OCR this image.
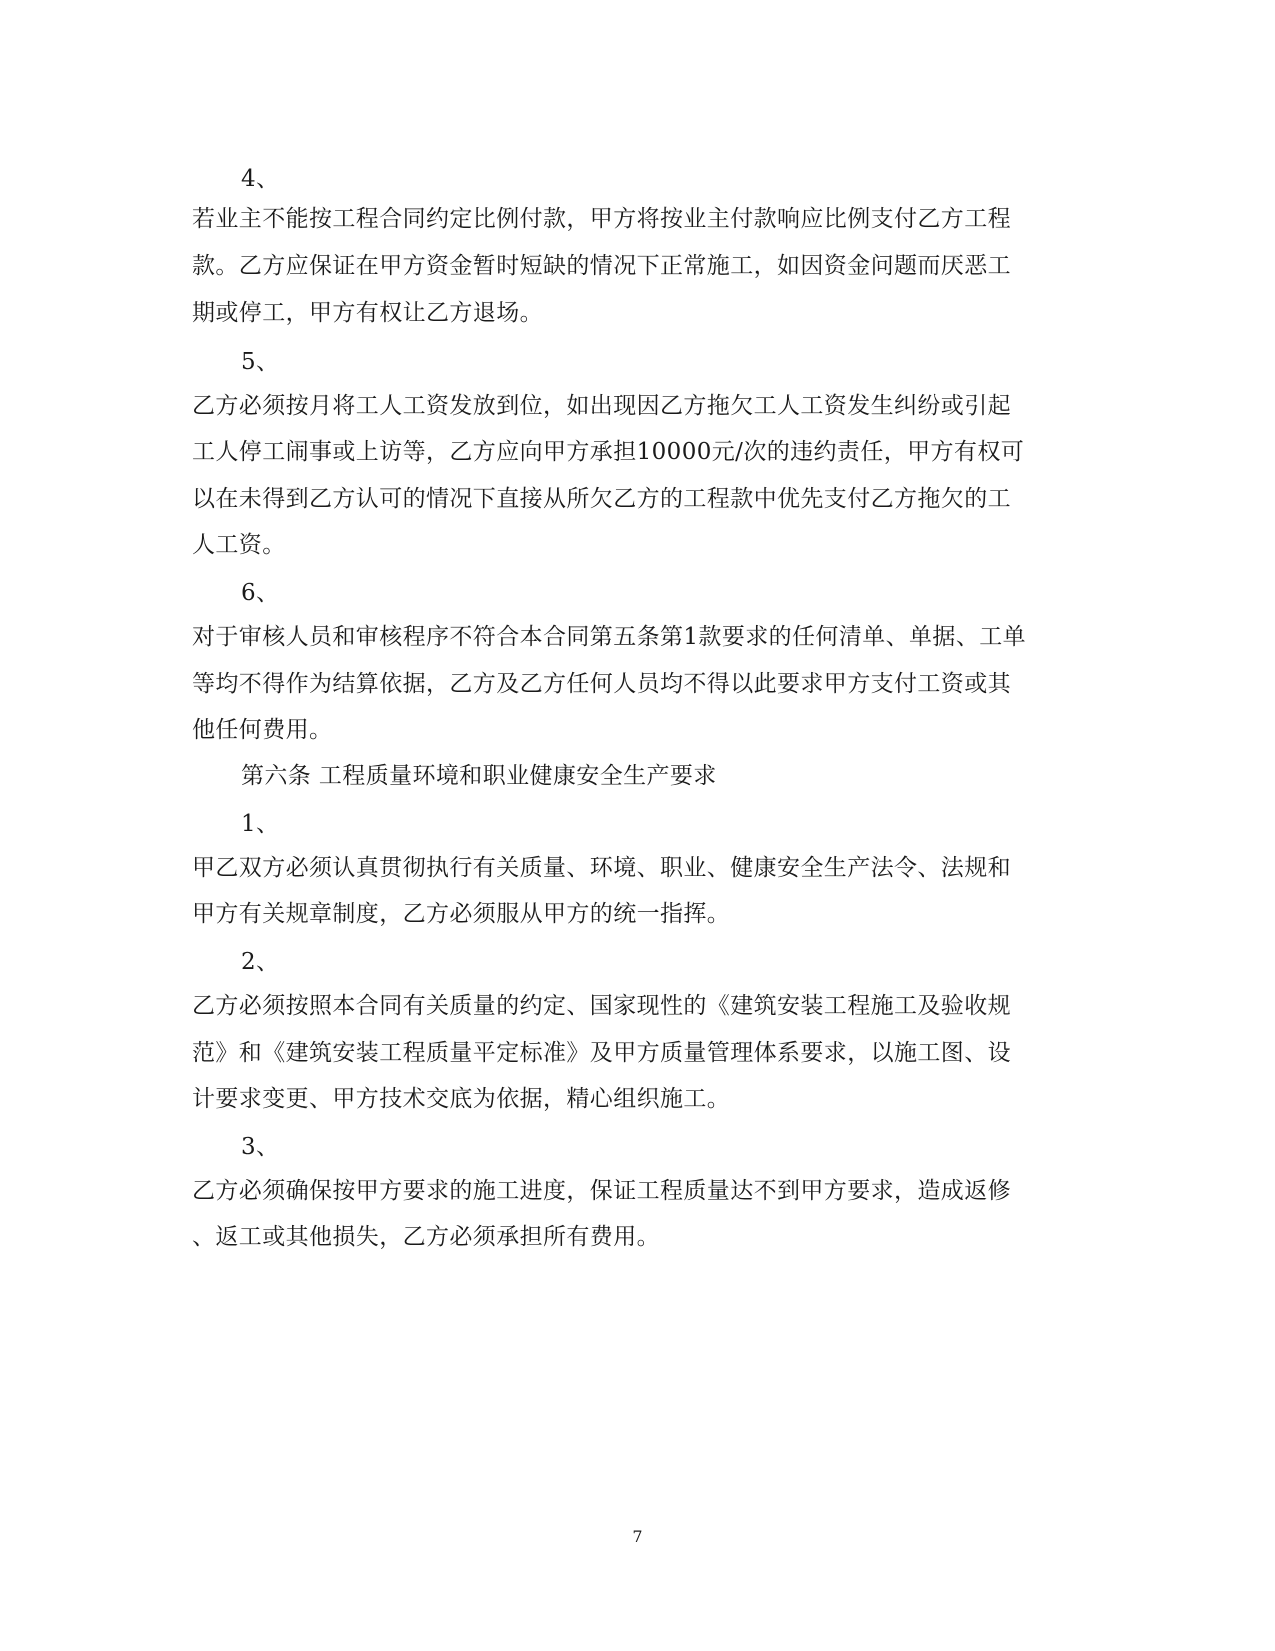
4、
若业主不能按工程合同约定比例付款，甲方将按业主付款响应比例支付乙方工程
款。乙方应保证在甲方资金暂时短缺的情况下正常施工，如因资金问题而厌恶工
期或停工，甲方有权让乙方退场。
5、
乙方必须按月将工人工资发放到位，如出现因乙方拖欠工人工资发生纠纷或引起
工人停工闹事或上访等，乙方应向甲方承担10000元/次的违约责任，甲方有权可
以在未得到乙方认可的情况下直接从所欠乙方的工程款中优先支付乙方拖欠的工
人工资。
6、
对于审核人员和审核程序不符合本合同第五条第1款要求的任何清单、单据、工单
等均不得作为结算依据，乙方及乙方任何人员均不得以此要求甲方支付工资或其
他任何费用。
第六条 工程质量环境和职业健康安全生产要求
1、
甲乙双方必须认真贯彻执行有关质量、环境、职业、健康安全生产法令、法规和
甲方有关规章制度，乙方必须服从甲方的统一指挥。
2、
乙方必须按照本合同有关质量的约定、国家现性的《建筑安装工程施工及验收规
范》和《建筑安装工程质量平定标准》及甲方质量管理体系要求，以施工图、设
计要求变更、甲方技术交底为依据，精心组织施工。
3、
乙方必须确保按甲方要求的施工进度，保证工程质量达不到甲方要求，造成返修
、返工或其他损失，乙方必须承担所有费用。
7
